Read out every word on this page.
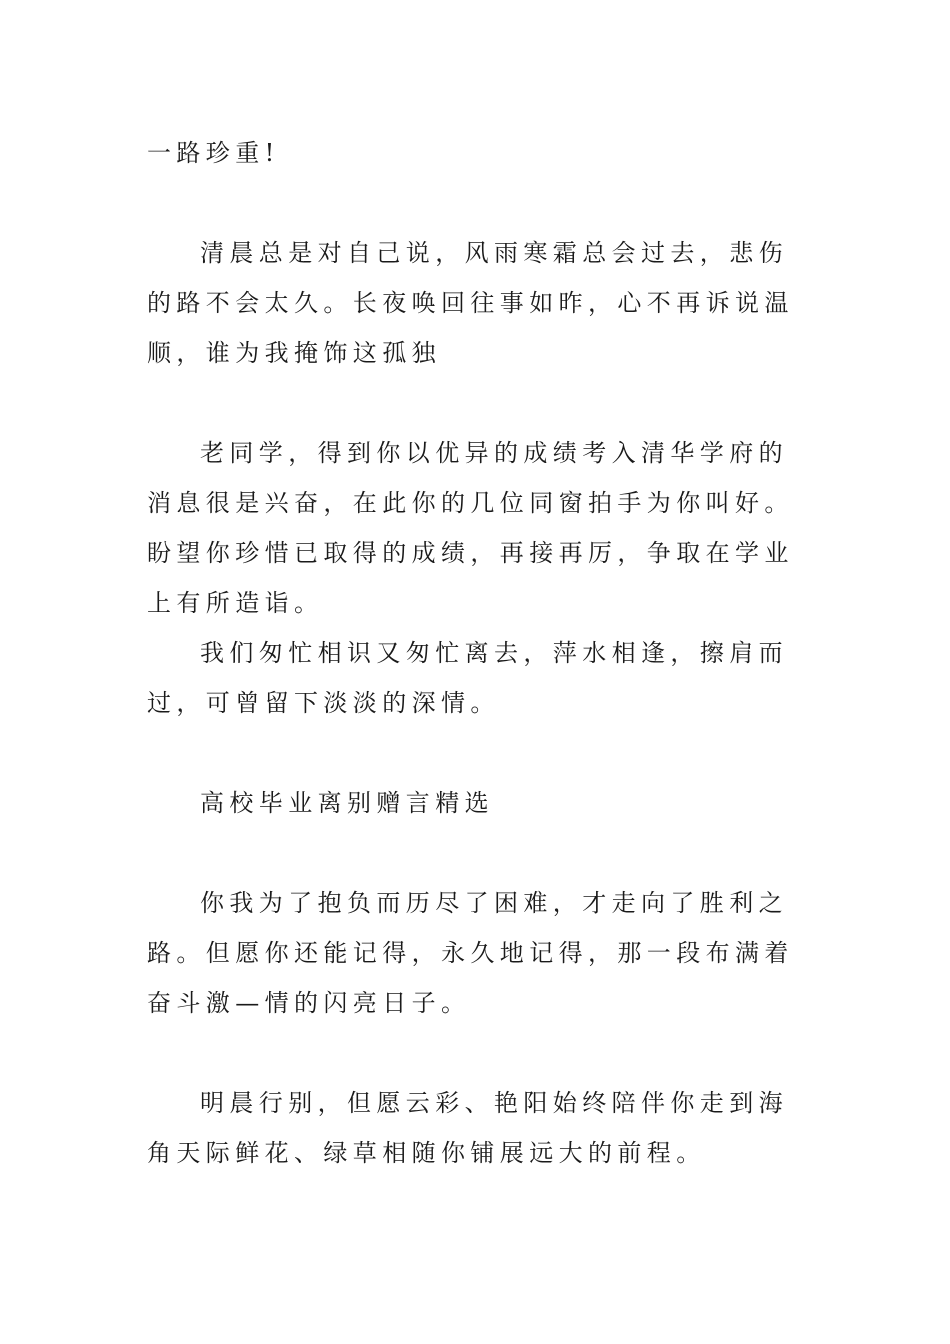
一路珍重!

清晨总是对自己说，风雨寒霜总会过去，悲伤的路不会太久。长夜唤回往事如昨，心不再诉说温顺，谁为我掩饰这孤独

老同学，得到你以优异的成绩考入清华学府的消息很是兴奋，在此你的几位同窗拍手为你叫好。盼望你珍惜已取得的成绩，再接再厉，争取在学业上有所造诣。

我们匆忙相识又匆忙离去，萍水相逢，擦肩而过，可曾留下淡淡的深情。

高校毕业离别赠言精选

你我为了抱负而历尽了困难，才走向了胜利之路。但愿你还能记得，永久地记得，那一段布满着奋斗激—情的闪亮日子。

明晨行别，但愿云彩、艳阳始终陪伴你走到海角天际鲜花、绿草相随你铺展远大的前程。
